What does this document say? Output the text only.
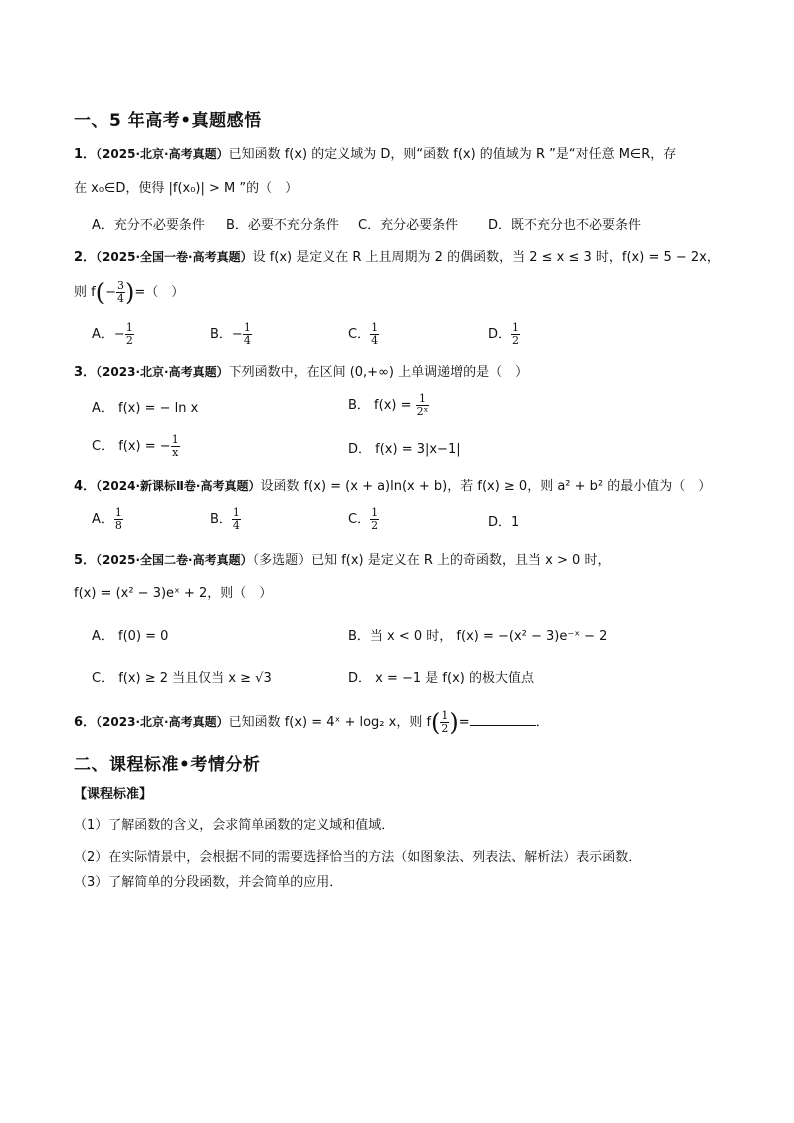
一、5 年高考•真题感悟
1．（2025·北京·高考真题）已知函数 f(x) 的定义域为 D，则“函数 f(x) 的值域为 R ”是“对任意 M∈R，存
在 x₀∈D，使得 |f(x₀)| > M ”的（　）
A．充分不必要条件 B．必要不充分条件 C．充分必要条件 D．既不充分也不必要条件
2．（2025·全国一卷·高考真题）设 f(x) 是定义在 R 上且周期为 2 的偶函数，当 2 ≤ x ≤ 3 时，f(x) = 5 − 2x，
则 $f(- \frac{3}{4}$ )=（　）
A．− $\frac{1}{2}$	B．− $\frac{1}{4}$	C． $\frac{1}{4}$	D． $\frac{1}{2}$
3．（2023·北京·高考真题）下列函数中，在区间 (0,+∞) 上单调递增的是（　）
A． f(x) = − ln x	B． $f(x) = \frac{1}{\text{2ˣ}}$
C． f(x) = − $\frac{1}{x}$	D． f(x) = 3|x−1|
4．（2024·新课标Ⅱ卷·高考真题）设函数 f(x) = (x + a)ln(x + b)，若 f(x) ≥ 0，则 a² + b² 的最小值为（　）
A． $\frac{1}{8}$	B． $\frac{1}{4}$	C． $\frac{1}{2}$	D．1
5．（2025·全国二卷·高考真题）（多选题）已知 f(x) 是定义在 R 上的奇函数，且当 x > 0 时，
f(x) = (x² − 3)eˣ + 2，则（　）
A． f(0) = 0	B．当 x < 0 时， f(x) = −(x² − 3)e⁻ˣ − 2
C． f(x) ≥ 2 当且仅当 x ≥ √3	D． x = −1 是 f(x) 的极大值点
6．（2023·北京·高考真题）已知函数 f(x) = 4ˣ + log₂ x，则 $f( \frac{1}{2}$ )=	．
二、课程标准•考情分析
【课程标准】
（1）了解函数的含义，会求简单函数的定义域和值域．
（2）在实际情景中，会根据不同的需要选择恰当的方法（如图象法、列表法、解析法）表示函数．
（3）了解简单的分段函数，并会简单的应用．
